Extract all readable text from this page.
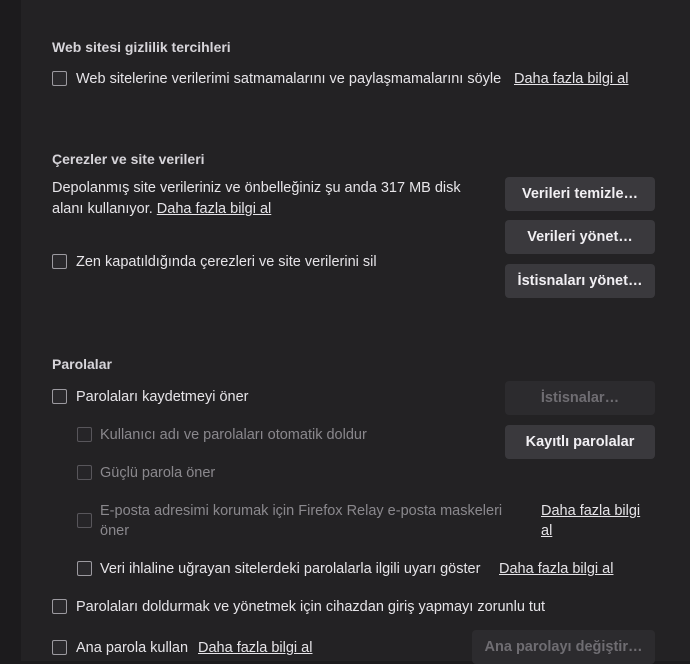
Web sitesi gizlilik tercihleri
Web sitelerine verilerimi satmamalarını ve paylaşmamalarını söyle Daha fazla bilgi al
Çerezler ve site verileri
Depolanmış site verileriniz ve önbelleğiniz şu anda 317 MB disk
alanı kullanıyor. Daha fazla bilgi al
Verileri temizle…
Verileri yönet…
İstisnaları yönet…
Zen kapatıldığında çerezleri ve site verilerini sil
Parolalar
Parolaları kaydetmeyi öner	İstisnalar…
Kullanıcı adı ve parolaları otomatik doldur	Kayıtlı parolalar
Güçlü parola öner
E-posta adresimi korumak için Firefox Relay e-posta maskeleri
öner
Daha fazla bilgi
al
Veri ihlaline uğrayan sitelerdeki parolalarla ilgili uyarı göster Daha fazla bilgi al
Parolaları doldurmak ve yönetmek için cihazdan giriş yapmayı zorunlu tut
Ana parola kullan Daha fazla bilgi al	Ana parolayı değiştir…
